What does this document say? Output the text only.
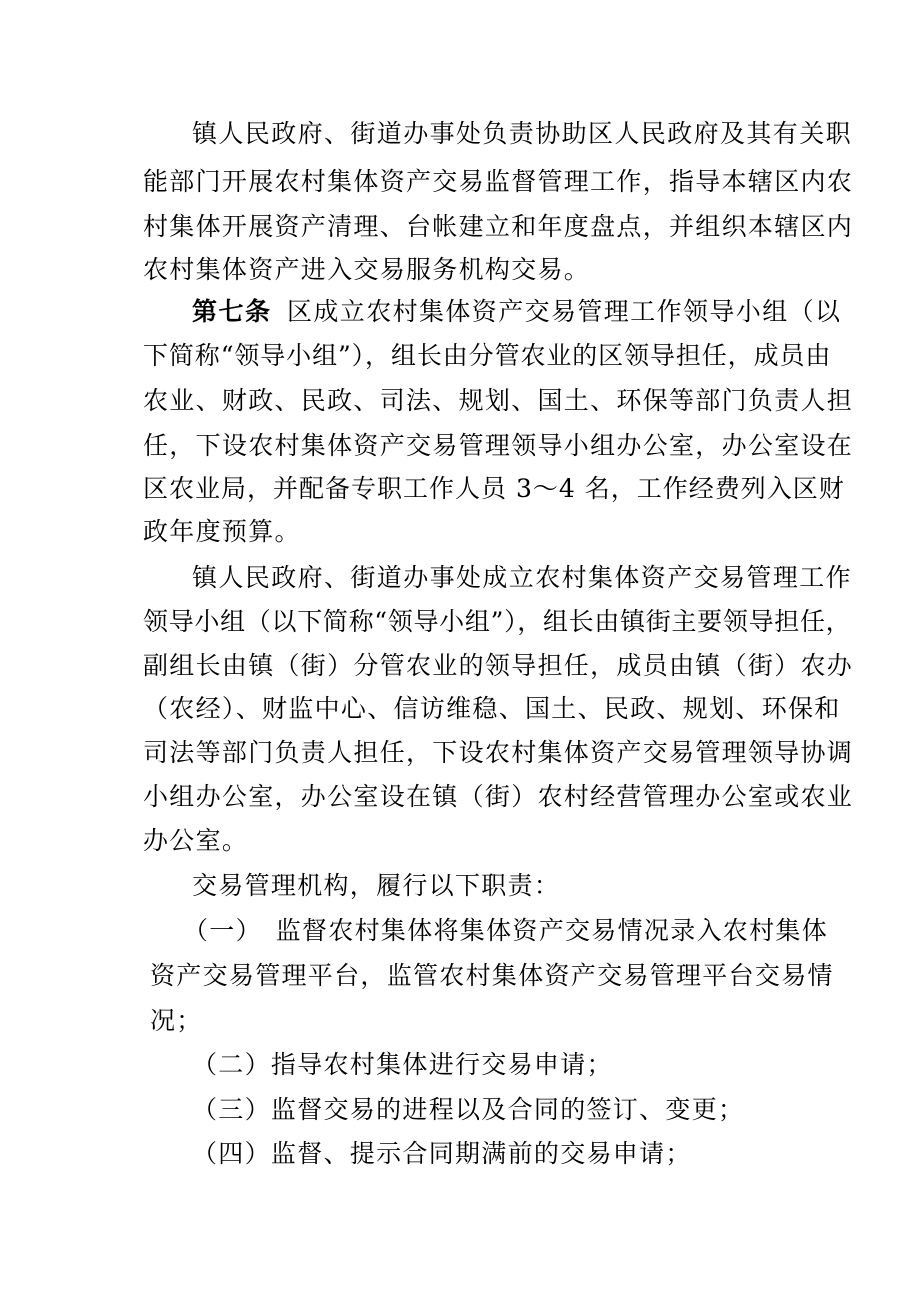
镇人民政府、街道办事处负责协助区人民政府及其有关职
能部门开展农村集体资产交易监督管理工作，指导本辖区内农
村集体开展资产清理、台帐建立和年度盘点，并组织本辖区内
农村集体资产进入交易服务机构交易。
第七条 区成立农村集体资产交易管理工作领导小组（以
下简称“领导小组”），组长由分管农业的区领导担任，成员由
农业、财政、民政、司法、规划、国土、环保等部门负责人担
任，下设农村集体资产交易管理领导小组办公室，办公室设在
区农业局，并配备专职工作人员 3～4 名，工作经费列入区财
政年度预算。
镇人民政府、街道办事处成立农村集体资产交易管理工作
领导小组（以下简称“领导小组”），组长由镇街主要领导担任，
副组长由镇（街）分管农业的领导担任，成员由镇（街）农办
（农经）、财监中心、信访维稳、国土、民政、规划、环保和
司法等部门负责人担任，下设农村集体资产交易管理领导协调
小组办公室，办公室设在镇（街）农村经营管理办公室或农业
办公室。
交易管理机构，履行以下职责：
（一）　监督农村集体将集体资产交易情况录入农村集体
资产交易管理平台，监管农村集体资产交易管理平台交易情
况；
（二）指导农村集体进行交易申请；
（三）监督交易的进程以及合同的签订、变更；
（四）监督、提示合同期满前的交易申请；
